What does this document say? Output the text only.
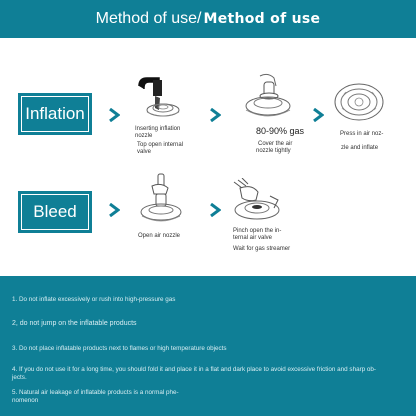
Method of use/ Method of use
Inflation
Bleed
Inserting inflation
nozzle
Top open internal
valve
80-90% gas
Cover the air
nozzle tightly
Press in air noz-
zle and inflate
Open air nozzle
Pinch open the in-
ternal air valve
Wait for gas streamer
1. Do not inflate excessively or rush into high-pressure gas
2, do not jump on the inflatable products
3. Do not place inflatable products next to flames or high temperature objects
4. If you do not use it for a long time, you should fold it and place it in a flat and dark place to avoid excessive friction and sharp ob-
jects.
5. Natural air leakage of inflatable products is a normal phe-
nomenon
